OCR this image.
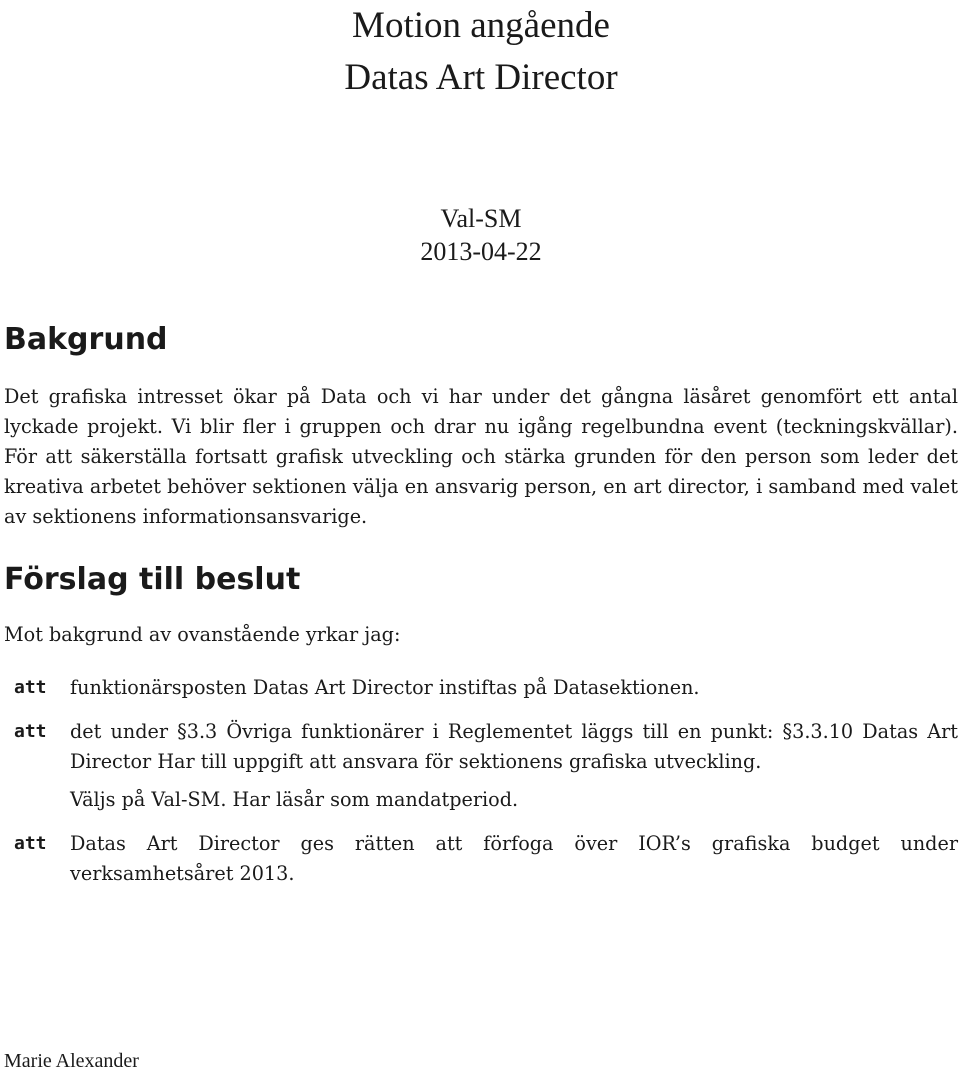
Motion angående
Datas Art Director
Val-SM
2013-04-22
Bakgrund

Det grafiska intresset ökar på Data och vi har under det gångna läsåret genomfört ett antal lyckade projekt. Vi blir fler i gruppen och drar nu igång regelbundna event (teckningskvällar). För att säkerställa fortsatt grafisk utveckling och stärka grunden för den person som leder det kreativa arbetet behöver sektionen välja en ansvarig person, en art director, i samband med valet av sektionens informationsansvarige.

Förslag till beslut

Mot bakgrund av ovanstående yrkar jag:

att	funktionärsposten Datas Art Director instiftas på Datasektionen.
att	det under §3.3 Övriga funktionärer i Reglementet läggs till en punkt: §3.3.10 Datas Art Director Har till uppgift att ansvara för sektionens grafiska utveckling.
Väljs på Val-SM. Har läsår som mandatperiod.
att	Datas Art Director ges rätten att förfoga över IOR’s grafiska budget under verksamhetsåret 2013.
Marie Alexander
